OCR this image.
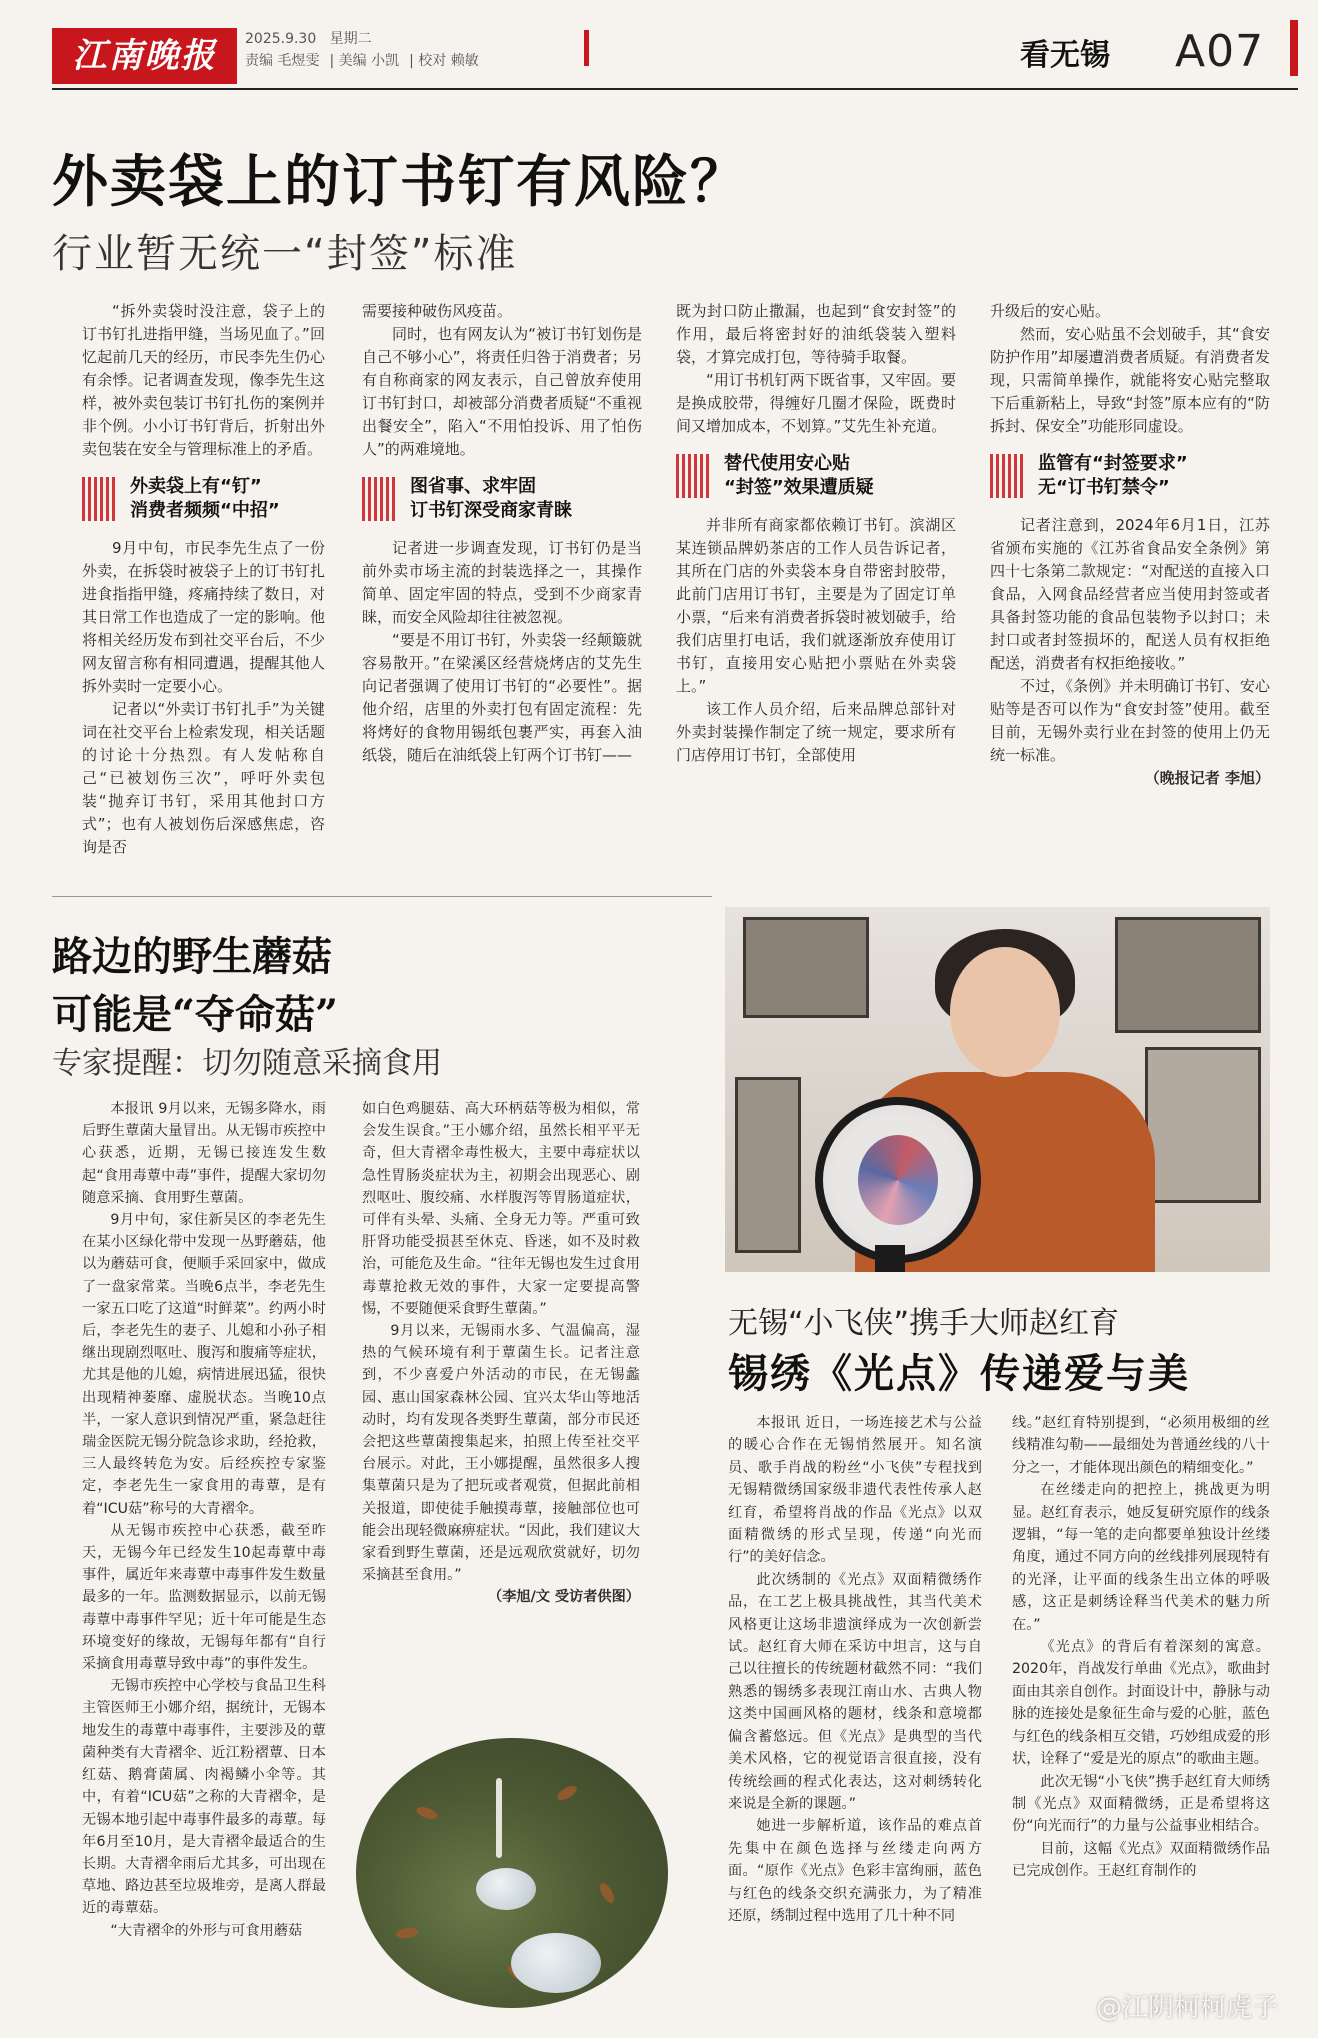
江南晚报	2025.9.30 星期二
责编 毛煜雯 | 美编 小凯 | 校对 赖敏	看无锡 A07
外卖袋上的订书钉有风险？
行业暂无统一“封签”标准

“拆外卖袋时没注意，袋子上的订书钉扎进指甲缝，当场见血了。”回忆起前几天的经历，市民李先生仍心有余悸。记者调查发现，像李先生这样，被外卖包装订书钉扎伤的案例并非个例。小小订书钉背后，折射出外卖包装在安全与管理标准上的矛盾。

外卖袋上有“钉”
消费者频频“中招”

9月中旬，市民李先生点了一份外卖，在拆袋时被袋子上的订书钉扎进食指指甲缝，疼痛持续了数日，对其日常工作也造成了一定的影响。他将相关经历发布到社交平台后，不少网友留言称有相同遭遇，提醒其他人拆外卖时一定要小心。

记者以“外卖订书钉扎手”为关键词在社交平台上检索发现，相关话题的讨论十分热烈。有人发帖称自己“已被划伤三次”，呼吁外卖包装“抛弃订书钉，采用其他封口方式”；也有人被划伤后深感焦虑，咨询是否

需要接种破伤风疫苗。

同时，也有网友认为“被订书钉划伤是自己不够小心”，将责任归咎于消费者；另有自称商家的网友表示，自己曾放弃使用订书钉封口，却被部分消费者质疑“不重视出餐安全”，陷入“不用怕投诉、用了怕伤人”的两难境地。

图省事、求牢固
订书钉深受商家青睐

记者进一步调查发现，订书钉仍是当前外卖市场主流的封装选择之一，其操作简单、固定牢固的特点，受到不少商家青睐，而安全风险却往往被忽视。

“要是不用订书钉，外卖袋一经颠簸就容易散开。”在梁溪区经营烧烤店的艾先生向记者强调了使用订书钉的“必要性”。据他介绍，店里的外卖打包有固定流程：先将烤好的食物用锡纸包裹严实，再套入油纸袋，随后在油纸袋上钉两个订书钉——

既为封口防止撒漏，也起到“食安封签”的作用，最后将密封好的油纸袋装入塑料袋，才算完成打包，等待骑手取餐。

“用订书机钉两下既省事，又牢固。要是换成胶带，得缠好几圈才保险，既费时间又增加成本，不划算。”艾先生补充道。

替代使用安心贴
“封签”效果遭质疑

并非所有商家都依赖订书钉。滨湖区某连锁品牌奶茶店的工作人员告诉记者，其所在门店的外卖袋本身自带密封胶带，此前门店用订书钉，主要是为了固定订单小票，“后来有消费者拆袋时被划破手，给我们店里打电话，我们就逐渐放弃使用订书钉，直接用安心贴把小票贴在外卖袋上。”

该工作人员介绍，后来品牌总部针对外卖封装操作制定了统一规定，要求所有门店停用订书钉，全部使用

升级后的安心贴。

然而，安心贴虽不会划破手，其“食安防护作用”却屡遭消费者质疑。有消费者发现，只需简单操作，就能将安心贴完整取下后重新粘上，导致“封签”原本应有的“防拆封、保安全”功能形同虚设。

监管有“封签要求”
无“订书钉禁令”

记者注意到，2024年6月1日，江苏省颁布实施的《江苏省食品安全条例》第四十七条第二款规定：“对配送的直接入口食品，入网食品经营者应当使用封签或者具备封签功能的食品包装物予以封口；未封口或者封签损坏的，配送人员有权拒绝配送，消费者有权拒绝接收。”

不过，《条例》并未明确订书钉、安心贴等是否可以作为“食安封签”使用。截至目前，无锡外卖行业在封签的使用上仍无统一标准。

（晚报记者 李旭）

路边的野生蘑菇
可能是“夺命菇”
专家提醒：切勿随意采摘食用

本报讯 9月以来，无锡多降水，雨后野生蕈菌大量冒出。从无锡市疾控中心获悉，近期，无锡已接连发生数起“食用毒蕈中毒”事件，提醒大家切勿随意采摘、食用野生蕈菌。

9月中旬，家住新吴区的李老先生在某小区绿化带中发现一丛野蘑菇，他以为蘑菇可食，便顺手采回家中，做成了一盘家常菜。当晚6点半，李老先生一家五口吃了这道“时鲜菜”。约两小时后，李老先生的妻子、儿媳和小孙子相继出现剧烈呕吐、腹泻和腹痛等症状，尤其是他的儿媳，病情进展迅猛，很快出现精神萎靡、虚脱状态。当晚10点半，一家人意识到情况严重，紧急赶往瑞金医院无锡分院急诊求助，经抢救，三人最终转危为安。后经疾控专家鉴定，李老先生一家食用的毒蕈，是有着“ICU菇”称号的大青褶伞。

从无锡市疾控中心获悉，截至昨天，无锡今年已经发生10起毒蕈中毒事件，属近年来毒蕈中毒事件发生数量最多的一年。监测数据显示，以前无锡毒蕈中毒事件罕见；近十年可能是生态环境变好的缘故，无锡每年都有“自行采摘食用毒蕈导致中毒”的事件发生。

无锡市疾控中心学校与食品卫生科主管医师王小娜介绍，据统计，无锡本地发生的毒蕈中毒事件，主要涉及的蕈菌种类有大青褶伞、近江粉褶蕈、日本红菇、鹅膏菌属、肉褐鳞小伞等。其中，有着“ICU菇”之称的大青褶伞，是无锡本地引起中毒事件最多的毒蕈。每年6月至10月，是大青褶伞最适合的生长期。大青褶伞雨后尤其多，可出现在草地、路边甚至垃圾堆旁，是离人群最近的毒蕈菇。

“大青褶伞的外形与可食用蘑菇

如白色鸡腿菇、高大环柄菇等极为相似，常会发生误食。”王小娜介绍，虽然长相平平无奇，但大青褶伞毒性极大，主要中毒症状以急性胃肠炎症状为主，初期会出现恶心、剧烈呕吐、腹绞痛、水样腹泻等胃肠道症状，可伴有头晕、头痛、全身无力等。严重可致肝肾功能受损甚至休克、昏迷，如不及时救治，可能危及生命。“往年无锡也发生过食用毒蕈抢救无效的事件，大家一定要提高警惕，不要随便采食野生蕈菌。”

9月以来，无锡雨水多、气温偏高，湿热的气候环境有利于蕈菌生长。记者注意到，不少喜爱户外活动的市民，在无锡蠡园、惠山国家森林公园、宜兴太华山等地活动时，均有发现各类野生蕈菌，部分市民还会把这些蕈菌搜集起来，拍照上传至社交平台展示。对此，王小娜提醒，虽然很多人搜集蕈菌只是为了把玩或者观赏，但据此前相关报道，即使徒手触摸毒蕈，接触部位也可能会出现轻微麻痹症状。“因此，我们建议大家看到野生蕈菌，还是远观欣赏就好，切勿采摘甚至食用。”

（李旭/文 受访者供图）

无锡“小飞侠”携手大师赵红育
锡绣《光点》传递爱与美

本报讯 近日，一场连接艺术与公益的暖心合作在无锡悄然展开。知名演员、歌手肖战的粉丝“小飞侠”专程找到无锡精微绣国家级非遗代表性传承人赵红育，希望将肖战的作品《光点》以双面精微绣的形式呈现，传递“向光而行”的美好信念。

此次绣制的《光点》双面精微绣作品，在工艺上极具挑战性，其当代美术风格更让这场非遗演绎成为一次创新尝试。赵红育大师在采访中坦言，这与自己以往擅长的传统题材截然不同：“我们熟悉的锡绣多表现江南山水、古典人物这类中国画风格的题材，线条和意境都偏含蓄悠远。但《光点》是典型的当代美术风格，它的视觉语言很直接，没有传统绘画的程式化表达，这对刺绣转化来说是全新的课题。”

她进一步解析道，该作品的难点首先集中在颜色选择与丝缕走向两方面。“原作《光点》色彩丰富绚丽，蓝色与红色的线条交织充满张力，为了精准还原，绣制过程中选用了几十种不同

线。”赵红育特别提到，“必须用极细的丝线精准勾勒——最细处为普通丝线的八十分之一，才能体现出颜色的精细变化。”

在丝缕走向的把控上，挑战更为明显。赵红育表示，她反复研究原作的线条逻辑，“每一笔的走向都要单独设计丝缕角度，通过不同方向的丝线排列展现特有的光泽，让平面的线条生出立体的呼吸感，这正是刺绣诠释当代美术的魅力所在。”

《光点》的背后有着深刻的寓意。2020年，肖战发行单曲《光点》，歌曲封面由其亲自创作。封面设计中，静脉与动脉的连接处是象征生命与爱的心脏，蓝色与红色的线条相互交错，巧妙组成爱的形状，诠释了“爱是光的原点”的歌曲主题。

此次无锡“小飞侠”携手赵红育大师绣制《光点》双面精微绣，正是希望将这份“向光而行”的力量与公益事业相结合。

目前，这幅《光点》双面精微绣作品已完成创作。王赵红育制作的

@江阴柯柯虎子
